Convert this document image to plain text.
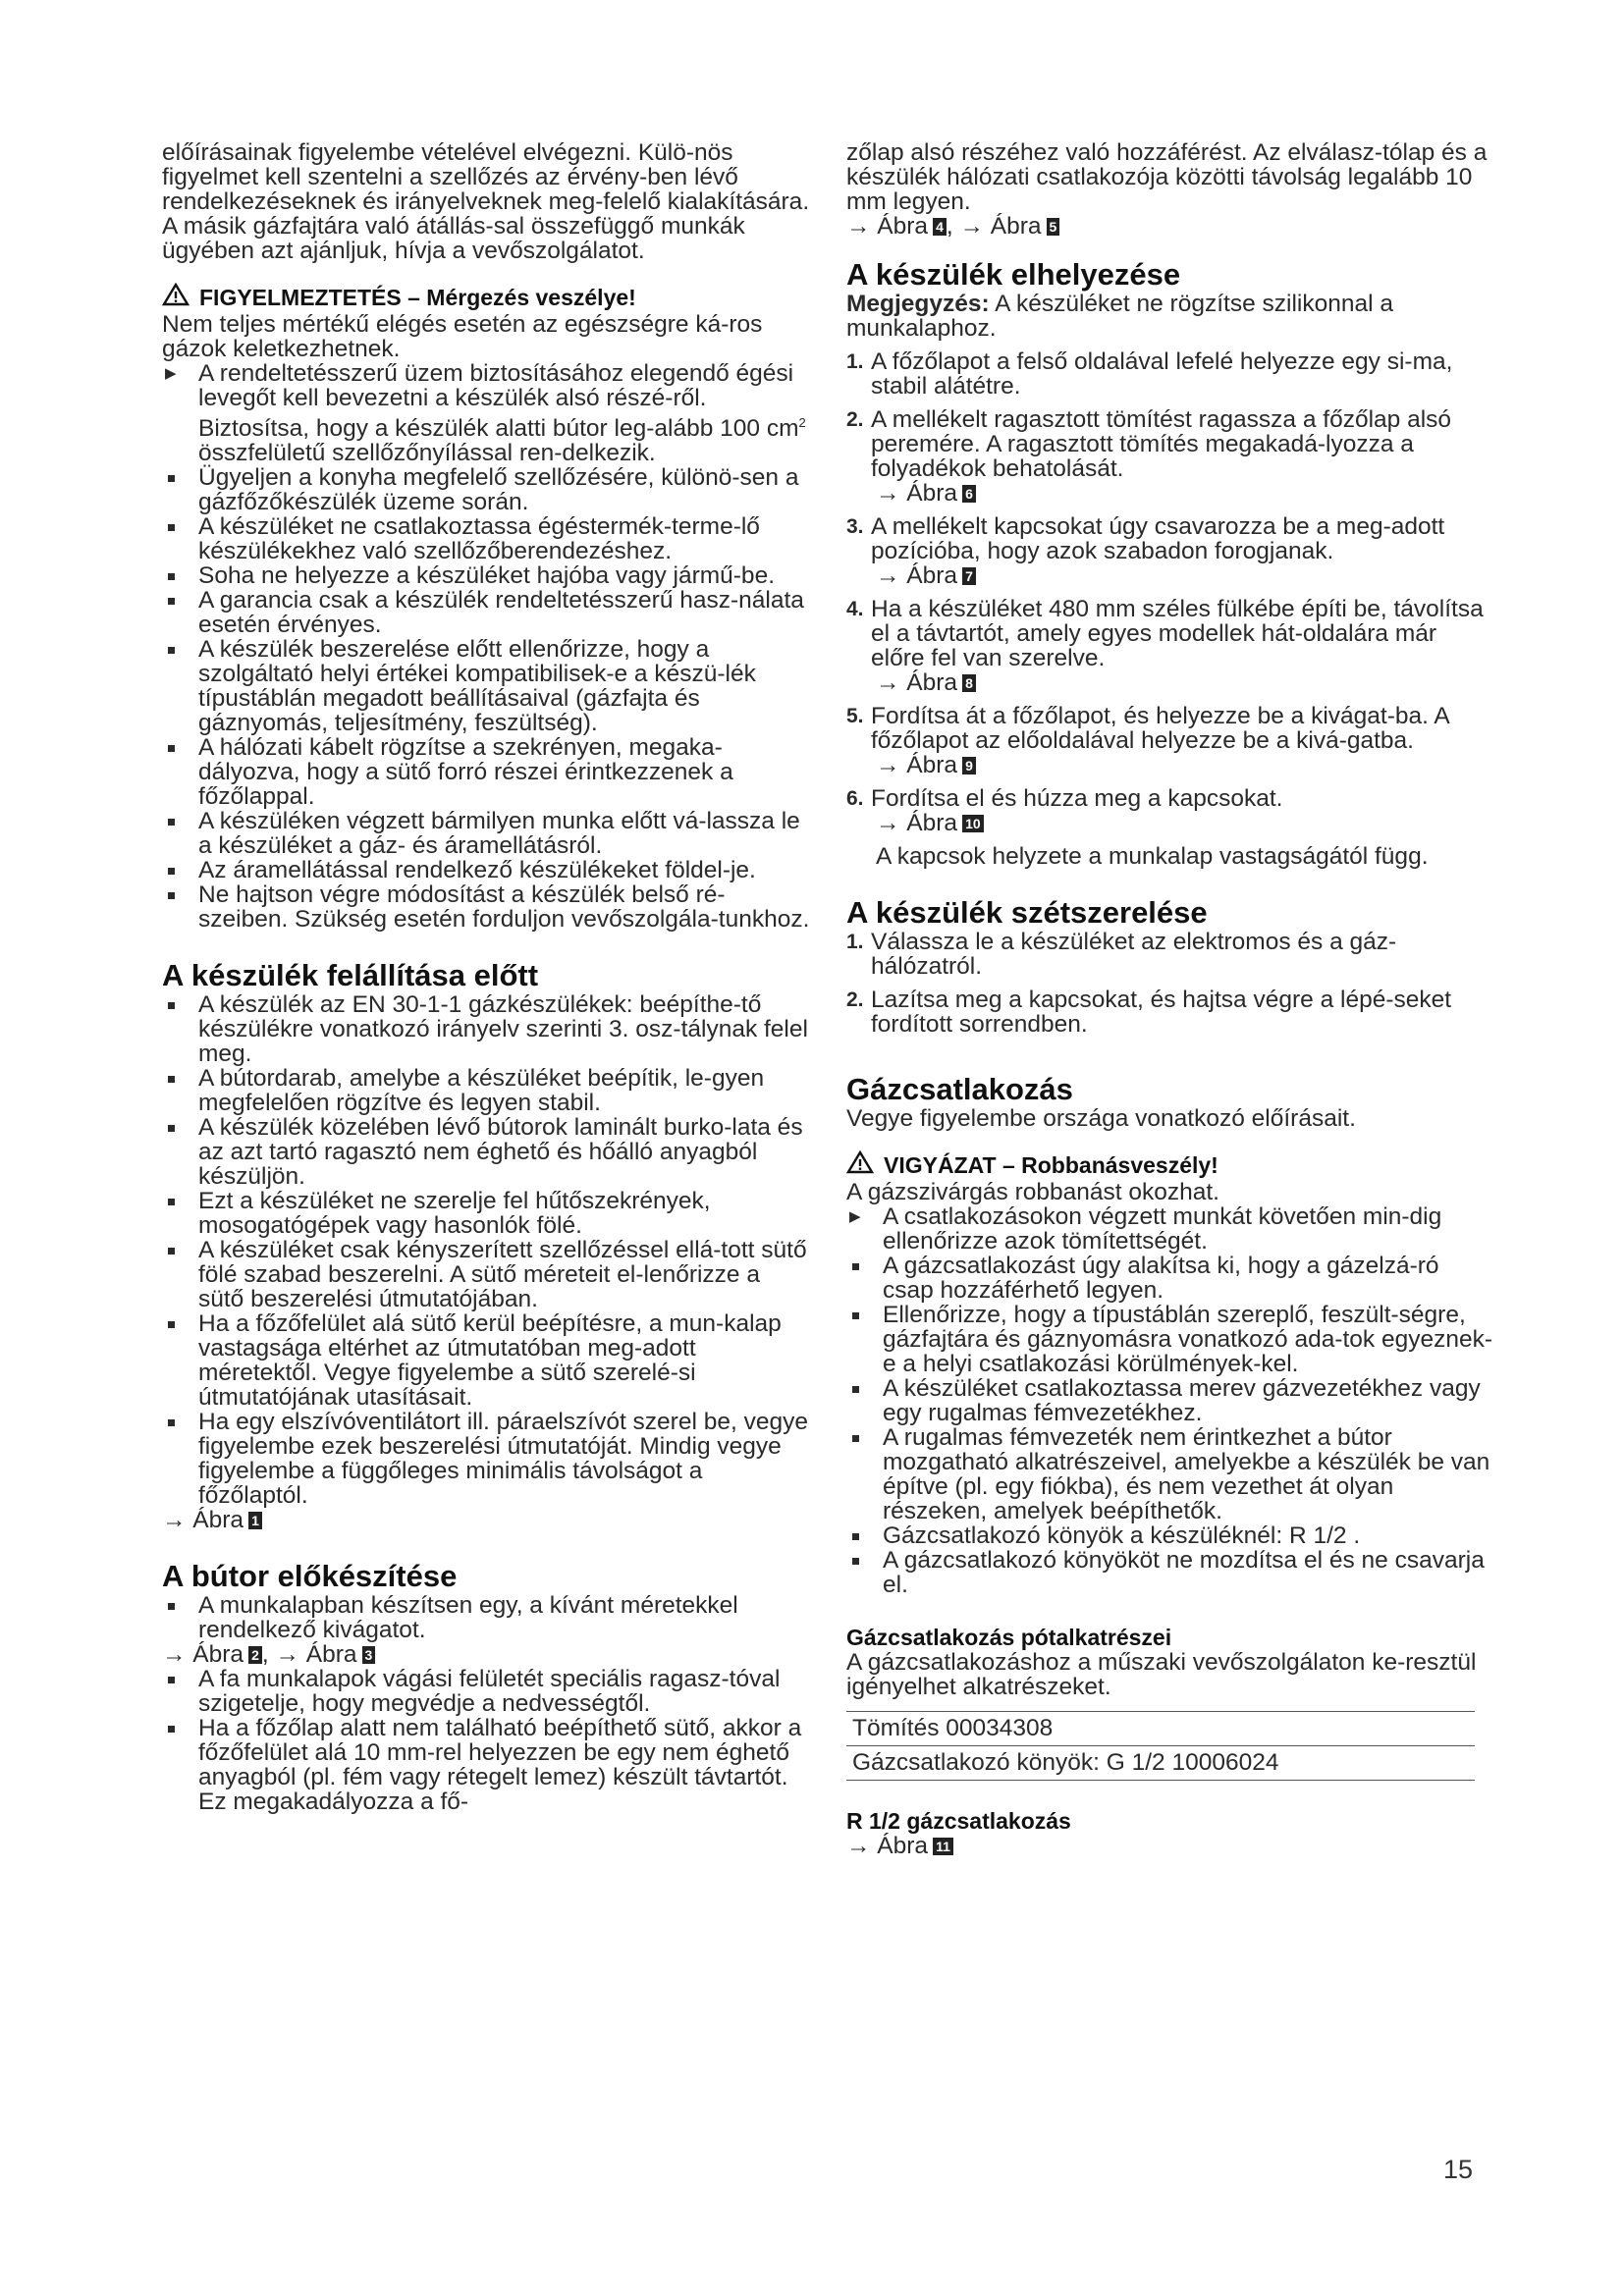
előírásainak figyelembe vételével elvégezni. Külö-nös figyelmet kell szentelni a szellőzés az érvény-ben lévő rendelkezéseknek és irányelveknek meg-felelő kialakítására. A másik gázfajtára való átállás-sal összefüggő munkák ügyében azt ajánljuk, hívja a vevőszolgálatot.

FIGYELMEZTETÉS – Mérgezés veszélye!

Nem teljes mértékű elégés esetén az egészségre ká-ros gázok keletkezhetnek.

▶ A rendeltetésszerű üzem biztosításához elegendő égési levegőt kell bevezetni a készülék alsó részé-ről. Biztosítsa, hogy a készülék alatti bútor leg-alább 100 $cm^2$ összfelületű szellőzőnyílással ren-delkezik.
Ügyeljen a konyha megfelelő szellőzésére, különö-sen a gázfőzőkészülék üzeme során.
A készüléket ne csatlakoztassa égéstermék-terme-lő készülékekhez való szellőzőberendezéshez.
Soha ne helyezze a készüléket hajóba vagy jármű-be.
A garancia csak a készülék rendeltetésszerű hasz-nálata esetén érvényes.
A készülék beszerelése előtt ellenőrizze, hogy a szolgáltató helyi értékei kompatibilisek-e a készü-lék típustáblán megadott beállításaival (gázfajta és gáznyomás, teljesítmény, feszültség).
A hálózati kábelt rögzítse a szekrényen, megaka-dályozva, hogy a sütő forró részei érintkezzenek a főzőlappal.
A készüléken végzett bármilyen munka előtt vá-lassza le a készüléket a gáz- és áramellátásról.
Az áramellátással rendelkező készülékeket földel-je.
Ne hajtson végre módosítást a készülék belső ré-szeiben. Szükség esetén forduljon vevőszolgála-tunkhoz.
A készülék felállítása előtt
A készülék az EN 30-1-1 gázkészülékek: beépíthe-tő készülékre vonatkozó irányelv szerinti 3. osz-tálynak felel meg.
A bútordarab, amelybe a készüléket beépítik, le-gyen megfelelően rögzítve és legyen stabil.
A készülék közelében lévő bútorok laminált burko-lata és az azt tartó ragasztó nem éghető és hőálló anyagból készüljön.
Ezt a készüléket ne szerelje fel hűtőszekrények, mosogatógépek vagy hasonlók fölé.
A készüléket csak kényszerített szellőzéssel ellá-tott sütő fölé szabad beszerelni. A sütő méreteit el-lenőrizze a sütő beszerelési útmutatójában.
Ha a főzőfelület alá sütő kerül beépítésre, a mun-kalap vastagsága eltérhet az útmutatóban meg-adott méretektől. Vegye figyelembe a sütő szerelé-si útmutatójának utasításait.
Ha egy elszívóventilátort ill. páraelszívót szerel be, vegye figyelembe ezek beszerelési útmutatóját. Mindig vegye figyelembe a függőleges minimális távolságot a főzőlaptól.

→ Ábra 1

A bútor előkészítése
A munkalapban készítsen egy, a kívánt méretekkel rendelkező kivágatot.

→ Ábra 2 , → Ábra 3

A fa munkalapok vágási felületét speciális ragasz-tóval szigetelje, hogy megvédje a nedvességtől.
Ha a főzőlap alatt nem található beépíthető sütő, akkor a főzőfelület alá 10 mm-rel helyezzen be egy nem éghető anyagból (pl. fém vagy rétegelt lemez) készült távtartót. Ez megakadályozza a fő-

zőlap alsó részéhez való hozzáférést. Az elválasz-tólap és a készülék hálózati csatlakozója közötti távolság legalább 10 mm legyen.

→ Ábra 4 , → Ábra 5

A készülék elhelyezése

Megjegyzés: A készüléket ne rögzítse szilikonnal a munkalaphoz.

1. A főzőlapot a felső oldalával lefelé helyezze egy si-ma, stabil alátétre.
2. A mellékelt ragasztott tömítést ragassza a főzőlap alsó peremére. A ragasztott tömítés megakadá-lyozza a folyadékok behatolását.
→ Ábra 6
3. A mellékelt kapcsokat úgy csavarozza be a meg-adott pozícióba, hogy azok szabadon forogjanak.
→ Ábra 7
4. Ha a készüléket 480 mm széles fülkébe építi be, távolítsa el a távtartót, amely egyes modellek hát-oldalára már előre fel van szerelve.
→ Ábra 8
5. Fordítsa át a főzőlapot, és helyezze be a kivágat-ba. A főzőlapot az előoldalával helyezze be a kivá-gatba.
→ Ábra 9
6. Fordítsa el és húzza meg a kapcsokat.
→ Ábra 10

A kapcsok helyzete a munkalap vastagságától függ.

A készülék szétszerelése
1. Válassza le a készüléket az elektromos és a gáz-hálózatról.
2. Lazítsa meg a kapcsokat, és hajtsa végre a lépé-seket fordított sorrendben.
Gázcsatlakozás

Vegye figyelembe országa vonatkozó előírásait.

VIGYÁZAT – Robbanásveszély!

A gázszivárgás robbanást okozhat.

▶ A csatlakozásokon végzett munkát követően min-dig ellenőrizze azok tömítettségét.
A gázcsatlakozást úgy alakítsa ki, hogy a gázelzá-ró csap hozzáférhető legyen.
Ellenőrizze, hogy a típustáblán szereplő, feszült-ségre, gázfajtára és gáznyomásra vonatkozó ada-tok egyeznek-e a helyi csatlakozási körülmények-kel.
A készüléket csatlakoztassa merev gázvezetékhez vagy egy rugalmas fémvezetékhez.
A rugalmas fémvezeték nem érintkezhet a bútor mozgatható alkatrészeivel, amelyekbe a készülék be van építve (pl. egy fiókba), és nem vezethet át olyan részeken, amelyek beépíthetők.
Gázcsatlakozó könyök a készüléknél: R 1/2 .
A gázcsatlakozó könyököt ne mozdítsa el és ne csavarja el.
Gázcsatlakozás pótalkatrészei

A gázcsatlakozáshoz a műszaki vevőszolgálaton ke-resztül igényelhet alkatrészeket.

Tömítés 00034308
Gázcsatlakozó könyök: G 1/2 10006024
R 1/2 gázcsatlakozás

→ Ábra 11

15
